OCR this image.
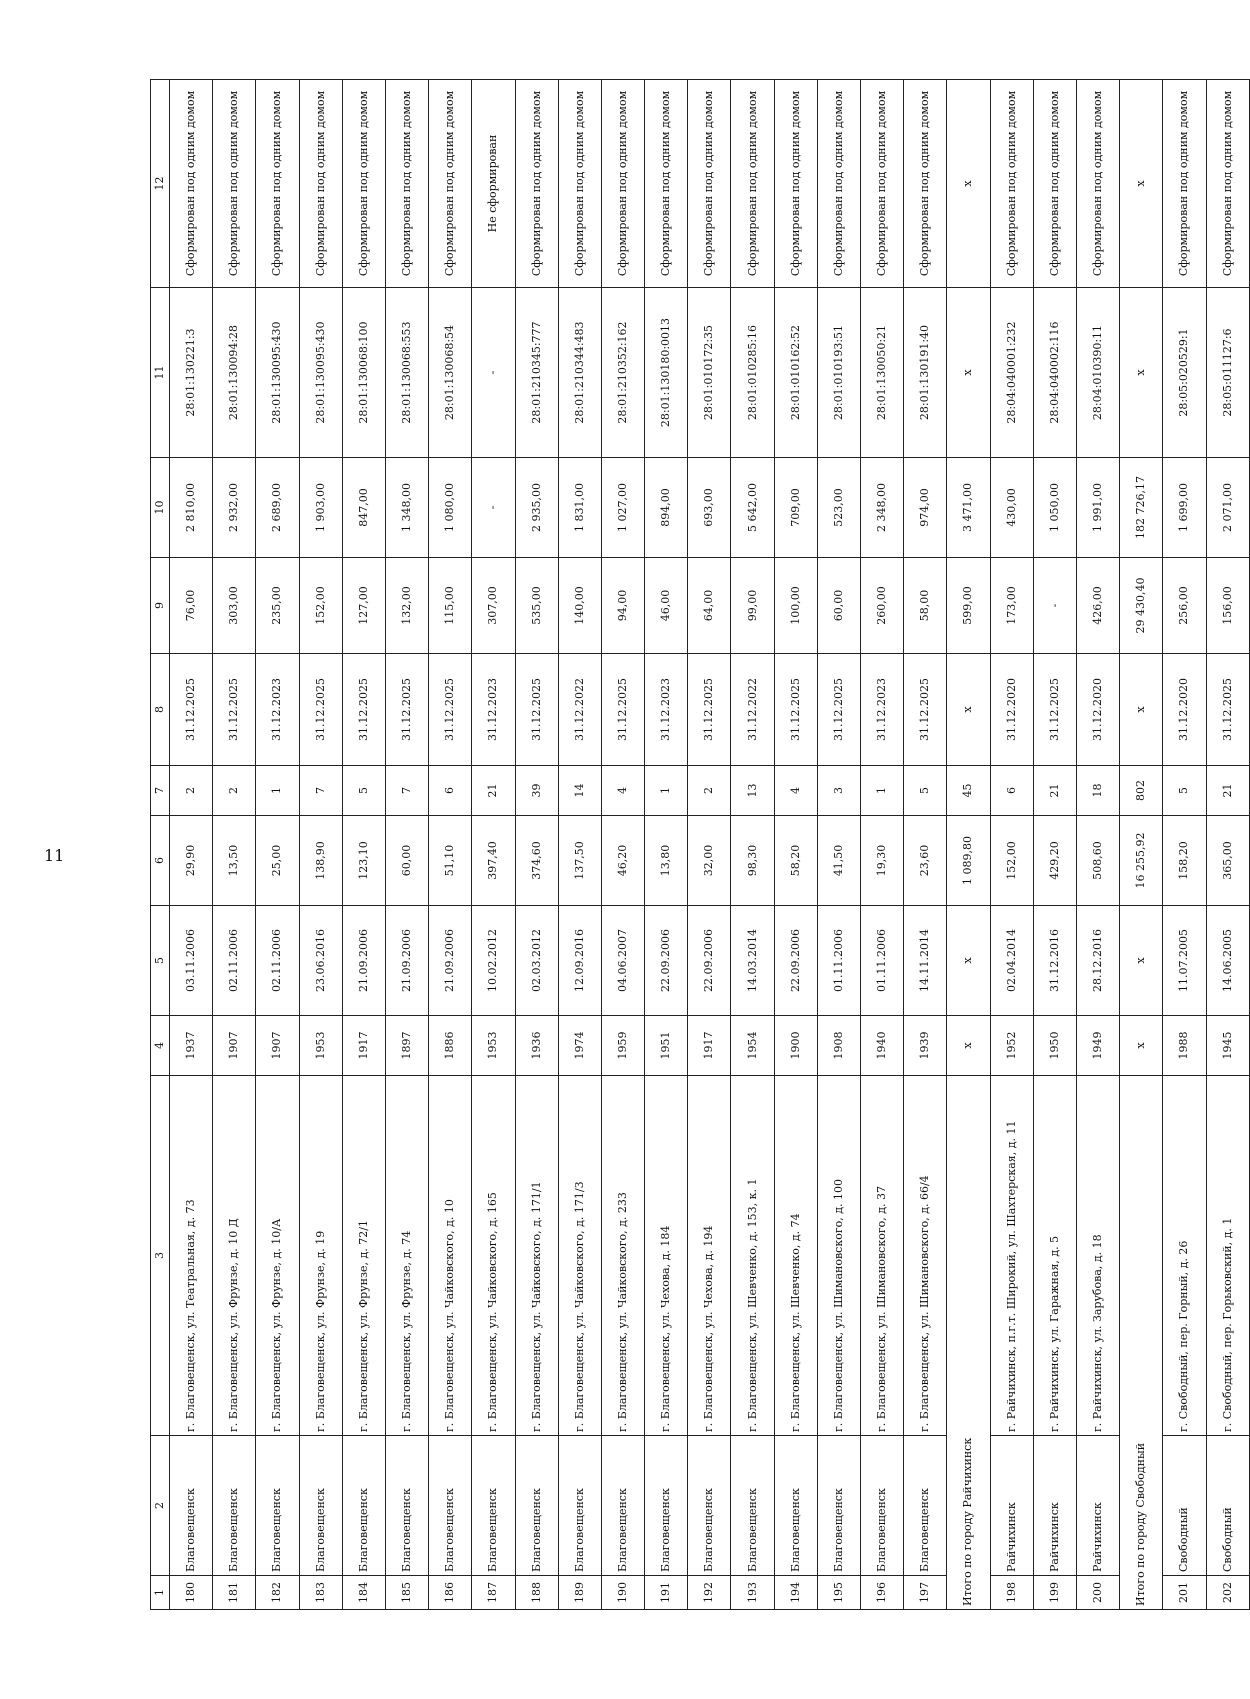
11
1	2	3	4	5	6	7	8	9	10	11	12
180	Благовещенск	г. Благовещенск, ул. Театральная, д. 73	1937	03.11.2006	29,90	2	31.12.2025	76,00	2 810,00	28:01:130221:3	Сформирован под одним домом
181	Благовещенск	г. Благовещенск, ул. Фрунзе, д. 10 Д	1907	02.11.2006	13,50	2	31.12.2025	303,00	2 932,00	28:01:130094:28	Сформирован под одним домом
182	Благовещенск	г. Благовещенск, ул. Фрунзе, д. 10/А	1907	02.11.2006	25,00	1	31.12.2023	235,00	2 689,00	28:01:130095:430	Сформирован под одним домом
183	Благовещенск	г. Благовещенск, ул. Фрунзе, д. 19	1953	23.06.2016	138,90	7	31.12.2025	152,00	1 903,00	28:01:130095:430	Сформирован под одним домом
184	Благовещенск	г. Благовещенск, ул. Фрунзе, д. 72/1	1917	21.09.2006	123,10	5	31.12.2025	127,00	847,00	28:01:130068:100	Сформирован под одним домом
185	Благовещенск	г. Благовещенск, ул. Фрунзе, д. 74	1897	21.09.2006	60,00	7	31.12.2025	132,00	1 348,00	28:01:130068:553	Сформирован под одним домом
186	Благовещенск	г. Благовещенск, ул. Чайковского, д. 10	1886	21.09.2006	51,10	6	31.12.2025	115,00	1 080,00	28:01:130068:54	Сформирован под одним домом
187	Благовещенск	г. Благовещенск, ул. Чайковского, д. 165	1953	10.02.2012	397,40	21	31.12.2023	307,00	-	-	Не сформирован
188	Благовещенск	г. Благовещенск, ул. Чайковского, д. 171/1	1936	02.03.2012	374,60	39	31.12.2025	535,00	2 935,00	28:01:210345:777	Сформирован под одним домом
189	Благовещенск	г. Благовещенск, ул. Чайковского, д. 171/3	1974	12.09.2016	137,50	14	31.12.2022	140,00	1 831,00	28:01:210344:483	Сформирован под одним домом
190	Благовещенск	г. Благовещенск, ул. Чайковского, д. 233	1959	04.06.2007	46,20	4	31.12.2025	94,00	1 027,00	28:01:210352:162	Сформирован под одним домом
191	Благовещенск	г. Благовещенск, ул. Чехова, д. 184	1951	22.09.2006	13,80	1	31.12.2023	46,00	894,00	28:01:130180:0013	Сформирован под одним домом
192	Благовещенск	г. Благовещенск, ул. Чехова, д. 194	1917	22.09.2006	32,00	2	31.12.2025	64,00	693,00	28:01:010172:35	Сформирован под одним домом
193	Благовещенск	г. Благовещенск, ул. Шевченко, д. 153, к. 1	1954	14.03.2014	98,30	13	31.12.2022	99,00	5 642,00	28:01:010285:16	Сформирован под одним домом
194	Благовещенск	г. Благовещенск, ул. Шевченко, д. 74	1900	22.09.2006	58,20	4	31.12.2025	100,00	709,00	28:01:010162:52	Сформирован под одним домом
195	Благовещенск	г. Благовещенск, ул. Шимановского, д. 100	1908	01.11.2006	41,50	3	31.12.2025	60,00	523,00	28:01:010193:51	Сформирован под одним домом
196	Благовещенск	г. Благовещенск, ул. Шимановского, д. 37	1940	01.11.2006	19,30	1	31.12.2023	260,00	2 348,00	28:01:130050:21	Сформирован под одним домом
197	Благовещенск	г. Благовещенск, ул. Шимановского, д. 66/4	1939	14.11.2014	23,60	5	31.12.2025	58,00	974,00	28:01:130191:40	Сформирован под одним домом
Итого по городу Райчихинск			х	х	1 089,80	45	х	599,00	3 471,00	х	х
198	Райчихинск	г. Райчихинск, п.г.т. Широкий, ул. Шахтерская, д. 11	1952	02.04.2014	152,00	6	31.12.2020	173,00	430,00	28:04:040001:232	Сформирован под одним домом
199	Райчихинск	г. Райчихинск, ул. Гаражная, д. 5	1950	31.12.2016	429,20	21	31.12.2025	-	1 050,00	28:04:040002:116	Сформирован под одним домом
200	Райчихинск	г. Райчихинск, ул. Зарубова, д. 18	1949	28.12.2016	508,60	18	31.12.2020	426,00	1 991,00	28:04:010390:11	Сформирован под одним домом
Итого по городу Свободный			х	х	16 255,92	802	х	29 430,40	182 726,17	х	х
201	Свободный	г. Свободный, пер. Горный, д. 26	1988	11.07.2005	158,20	5	31.12.2020	256,00	1 699,00	28:05:020529:1	Сформирован под одним домом
202	Свободный	г. Свободный, пер. Горьковский, д. 1	1945	14.06.2005	365,00	21	31.12.2025	156,00	2 071,00	28:05:011127:6	Сформирован под одним домом
